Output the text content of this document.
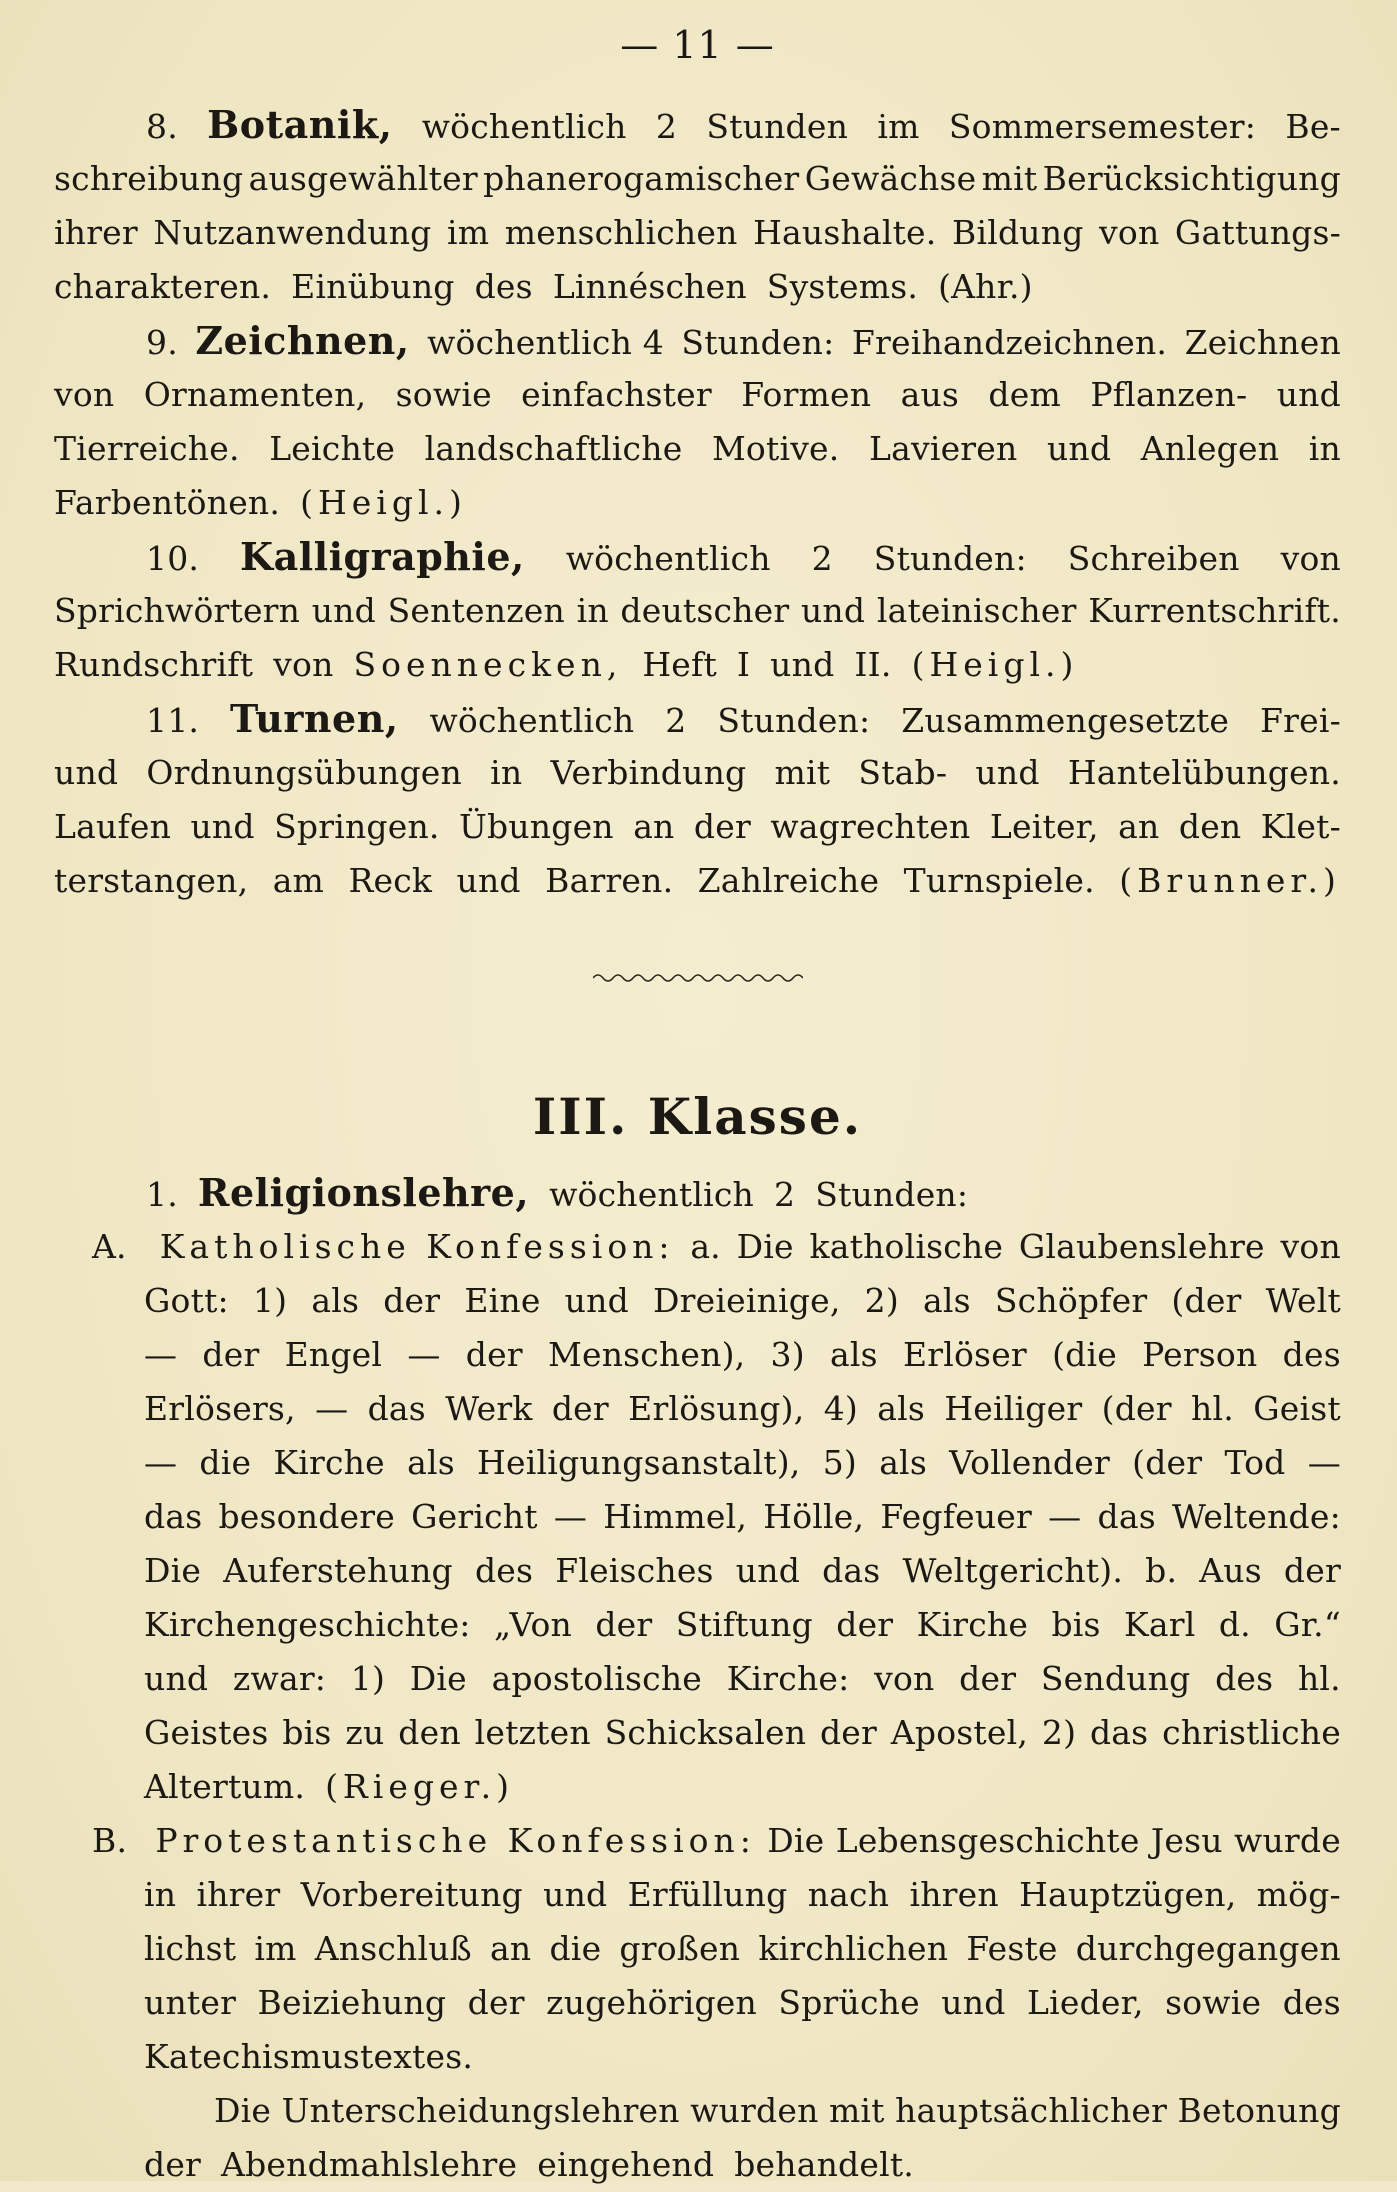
— 11 —
8. Botanik, wöchentlich 2 Stunden im Sommersemester: Be-
schreibung ausgewählter phanerogamischer Gewächse mit Berücksichtigung
ihrer Nutzanwendung im menschlichen Haushalte. Bildung von Gattungs-
charakteren. Einübung des Linnéschen Systems. (Ahr.)
9. Zeichnen, wöchentlich 4 Stunden: Freihandzeichnen. Zeichnen
von Ornamenten, sowie einfachster Formen aus dem Pflanzen- und
Tierreiche. Leichte landschaftliche Motive. Lavieren und Anlegen in
Farbentönen. (Heigl.)
10. Kalligraphie, wöchentlich 2 Stunden: Schreiben von
Sprichwörtern und Sentenzen in deutscher und lateinischer Kurrentschrift.
Rundschrift von Soennecken, Heft I und II. (Heigl.)
11. Turnen, wöchentlich 2 Stunden: Zusammengesetzte Frei-
und Ordnungsübungen in Verbindung mit Stab- und Hantelübungen.
Laufen und Springen. Übungen an der wagrechten Leiter, an den Klet-
terstangen, am Reck und Barren. Zahlreiche Turnspiele. (Brunner.)
III. Klasse.
1. Religionslehre, wöchentlich 2 Stunden:
A.	Katholische Konfession: a. Die katholische Glaubenslehre von
Gott: 1) als der Eine und Dreieinige, 2) als Schöpfer (der Welt
— der Engel — der Menschen), 3) als Erlöser (die Person des
Erlösers, — das Werk der Erlösung), 4) als Heiliger (der hl. Geist
— die Kirche als Heiligungsanstalt), 5) als Vollender (der Tod —
das besondere Gericht — Himmel, Hölle, Fegfeuer — das Weltende:
Die Auferstehung des Fleisches und das Weltgericht). b. Aus der
Kirchengeschichte: „Von der Stiftung der Kirche bis Karl d. Gr.“
und zwar: 1) Die apostolische Kirche: von der Sendung des hl.
Geistes bis zu den letzten Schicksalen der Apostel, 2) das christliche
Altertum. (Rieger.)
B. Protestantische Konfession: Die Lebensgeschichte Jesu wurde
in ihrer Vorbereitung und Erfüllung nach ihren Hauptzügen, mög-
lichst im Anschluß an die großen kirchlichen Feste durchgegangen
unter Beiziehung der zugehörigen Sprüche und Lieder, sowie des
Katechismustextes.
Die Unterscheidungslehren wurden mit hauptsächlicher Betonung
der Abendmahlslehre eingehend behandelt.
